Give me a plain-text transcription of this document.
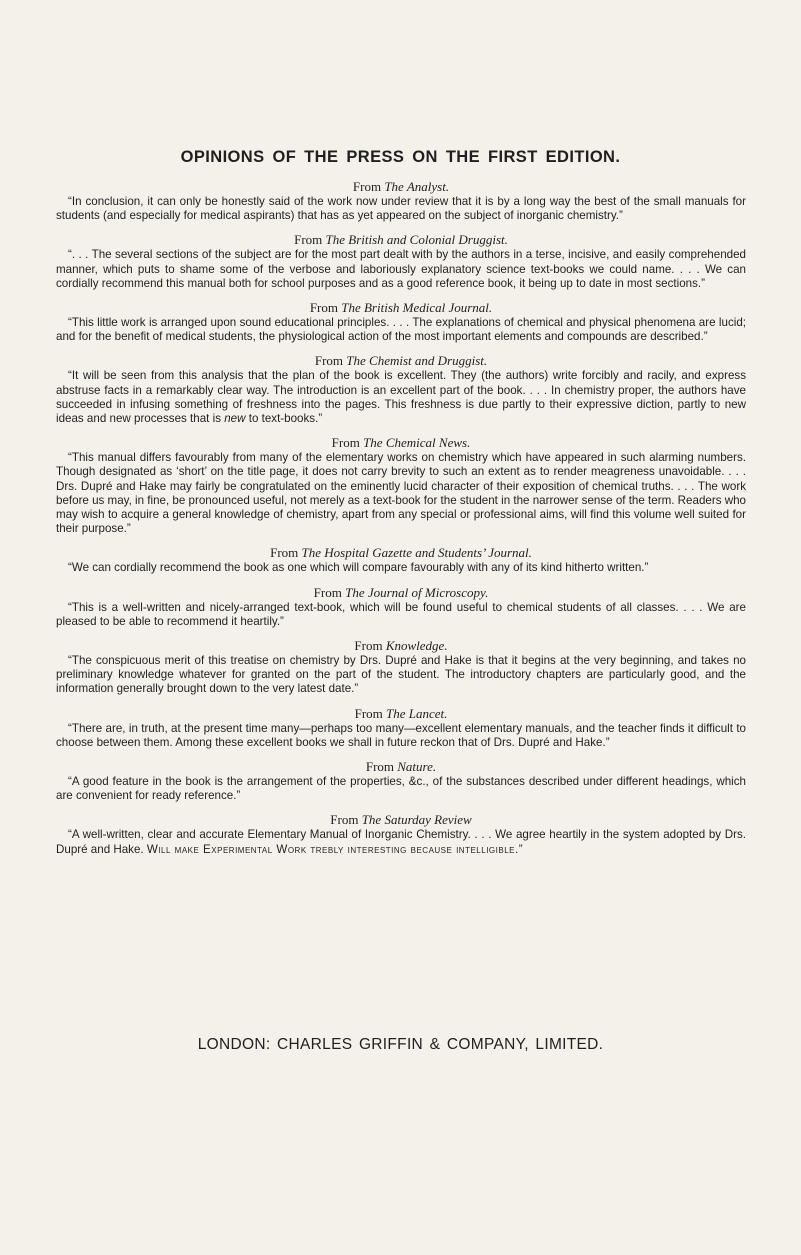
OPINIONS OF THE PRESS ON THE FIRST EDITION.

From The Analyst.

“In conclusion, it can only be honestly said of the work now under review that it is by a long way the best of the small manuals for students (and especially for medical aspirants) that has as yet appeared on the subject of inorganic chemistry.”

From The British and Colonial Druggist.

“. . . The several sections of the subject are for the most part dealt with by the authors in a terse, incisive, and easily comprehended manner, which puts to shame some of the verbose and laboriously explanatory science text-books we could name. . . . We can cordially recommend this manual both for school purposes and as a good reference book, it being up to date in most sections.”

From The British Medical Journal.

“This little work is arranged upon sound educational principles. . . . The explanations of chemical and physical phenomena are lucid; and for the benefit of medical students, the physiological action of the most important elements and compounds are described.”

From The Chemist and Druggist.

“It will be seen from this analysis that the plan of the book is excellent. They (the authors) write forcibly and racily, and express abstruse facts in a remarkably clear way. The introduction is an excellent part of the book. . . . In chemistry proper, the authors have succeeded in infusing something of freshness into the pages. This freshness is due partly to their expressive diction, partly to new ideas and new processes that is new to text-books.”

From The Chemical News.

“This manual differs favourably from many of the elementary works on chemistry which have appeared in such alarming numbers. Though designated as ‘short’ on the title page, it does not carry brevity to such an extent as to render meagreness unavoidable. . . . Drs. Dupré and Hake may fairly be congratulated on the eminently lucid character of their exposition of chemical truths. . . . The work before us may, in fine, be pronounced useful, not merely as a text-book for the student in the narrower sense of the term. Readers who may wish to acquire a general knowledge of chemistry, apart from any special or professional aims, will find this volume well suited for their purpose.”

From The Hospital Gazette and Students’ Journal.

“We can cordially recommend the book as one which will compare favourably with any of its kind hitherto written.”

From The Journal of Microscopy.

“This is a well-written and nicely-arranged text-book, which will be found useful to chemical students of all classes. . . . We are pleased to be able to recommend it heartily.”

From Knowledge.

“The conspicuous merit of this treatise on chemistry by Drs. Dupré and Hake is that it begins at the very beginning, and takes no preliminary knowledge whatever for granted on the part of the student. The introductory chapters are particularly good, and the information generally brought down to the very latest date.”

From The Lancet.

“There are, in truth, at the present time many—perhaps too many—excellent elementary manuals, and the teacher finds it difficult to choose between them. Among these excellent books we shall in future reckon that of Drs. Dupré and Hake.”

From Nature.

“A good feature in the book is the arrangement of the properties, &c., of the substances described under different headings, which are convenient for ready reference.”

From The Saturday Review

“A well-written, clear and accurate Elementary Manual of Inorganic Chemistry. . . . We agree heartily in the system adopted by Drs. Dupré and Hake. Will make Experimental Work trebly interesting because intelligible.”

LONDON: CHARLES GRIFFIN & COMPANY, LIMITED.
